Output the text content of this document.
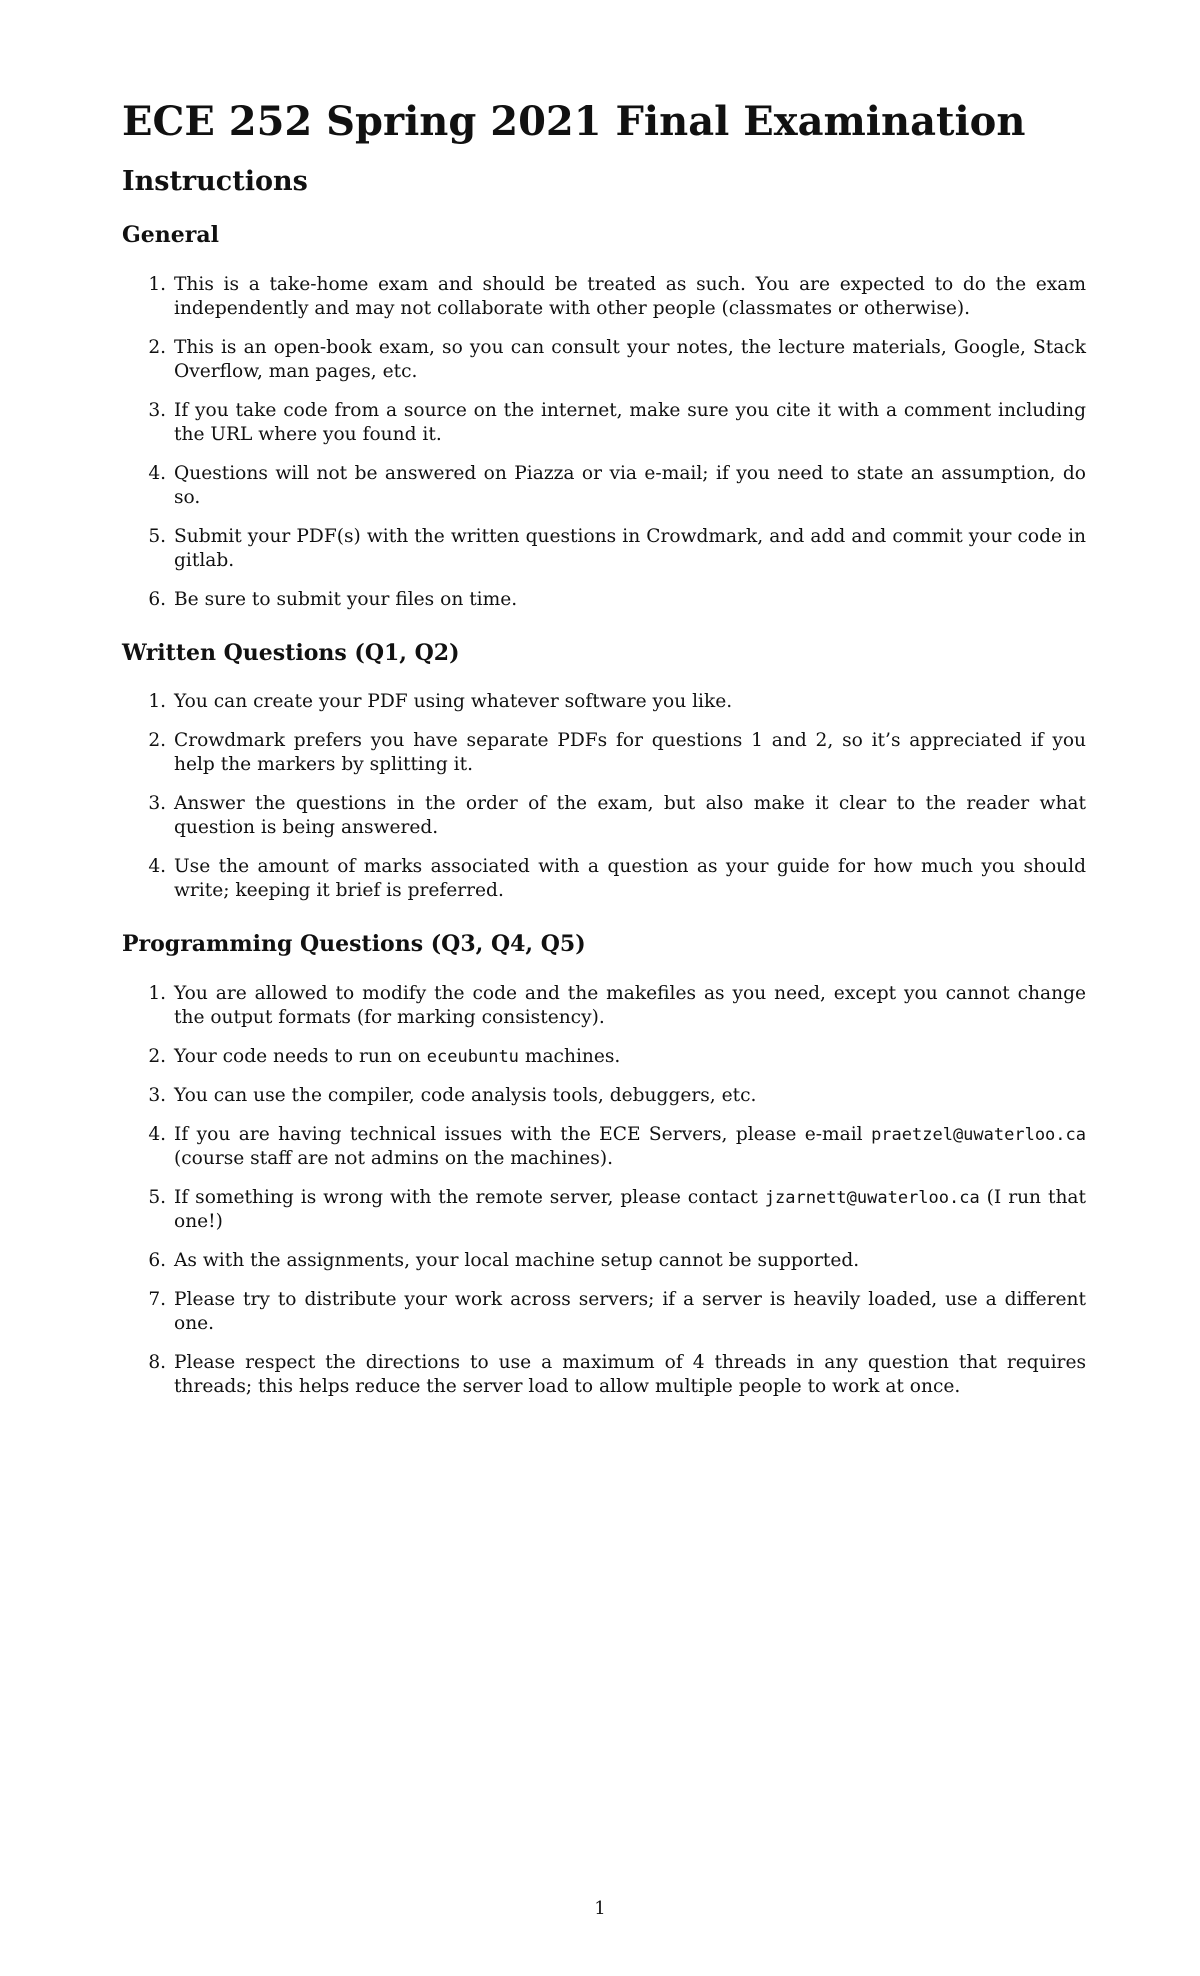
ECE 252 Spring 2021 Final Examination
Instructions
General
1. This is a take-home exam and should be treated as such. You are expected to do the exam independently and may not collaborate with other people (classmates or otherwise).
2. This is an open-book exam, so you can consult your notes, the lecture materials, Google, Stack Overflow, man pages, etc.
3. If you take code from a source on the internet, make sure you cite it with a comment including the URL where you found it.
4. Questions will not be answered on Piazza or via e-mail; if you need to state an assumption, do so.
5. Submit your PDF(s) with the written questions in Crowdmark, and add and commit your code in gitlab.
6. Be sure to submit your files on time.
Written Questions (Q1, Q2)
1. You can create your PDF using whatever software you like.
2. Crowdmark prefers you have separate PDFs for questions 1 and 2, so it’s appreciated if you help the markers by splitting it.
3. Answer the questions in the order of the exam, but also make it clear to the reader what question is being answered.
4. Use the amount of marks associated with a question as your guide for how much you should write; keeping it brief is preferred.
Programming Questions (Q3, Q4, Q5)
1. You are allowed to modify the code and the makefiles as you need, except you cannot change the output formats (for marking consistency).
2. Your code needs to run on eceubuntu machines.
3. You can use the compiler, code analysis tools, debuggers, etc.
4. If you are having technical issues with the ECE Servers, please e-mail praetzel@uwaterloo.ca (course staff are not admins on the machines).
5. If something is wrong with the remote server, please contact jzarnett@uwaterloo.ca (I run that one!)
6. As with the assignments, your local machine setup cannot be supported.
7. Please try to distribute your work across servers; if a server is heavily loaded, use a different one.
8. Please respect the directions to use a maximum of 4 threads in any question that requires threads; this helps reduce the server load to allow multiple people to work at once.
1
